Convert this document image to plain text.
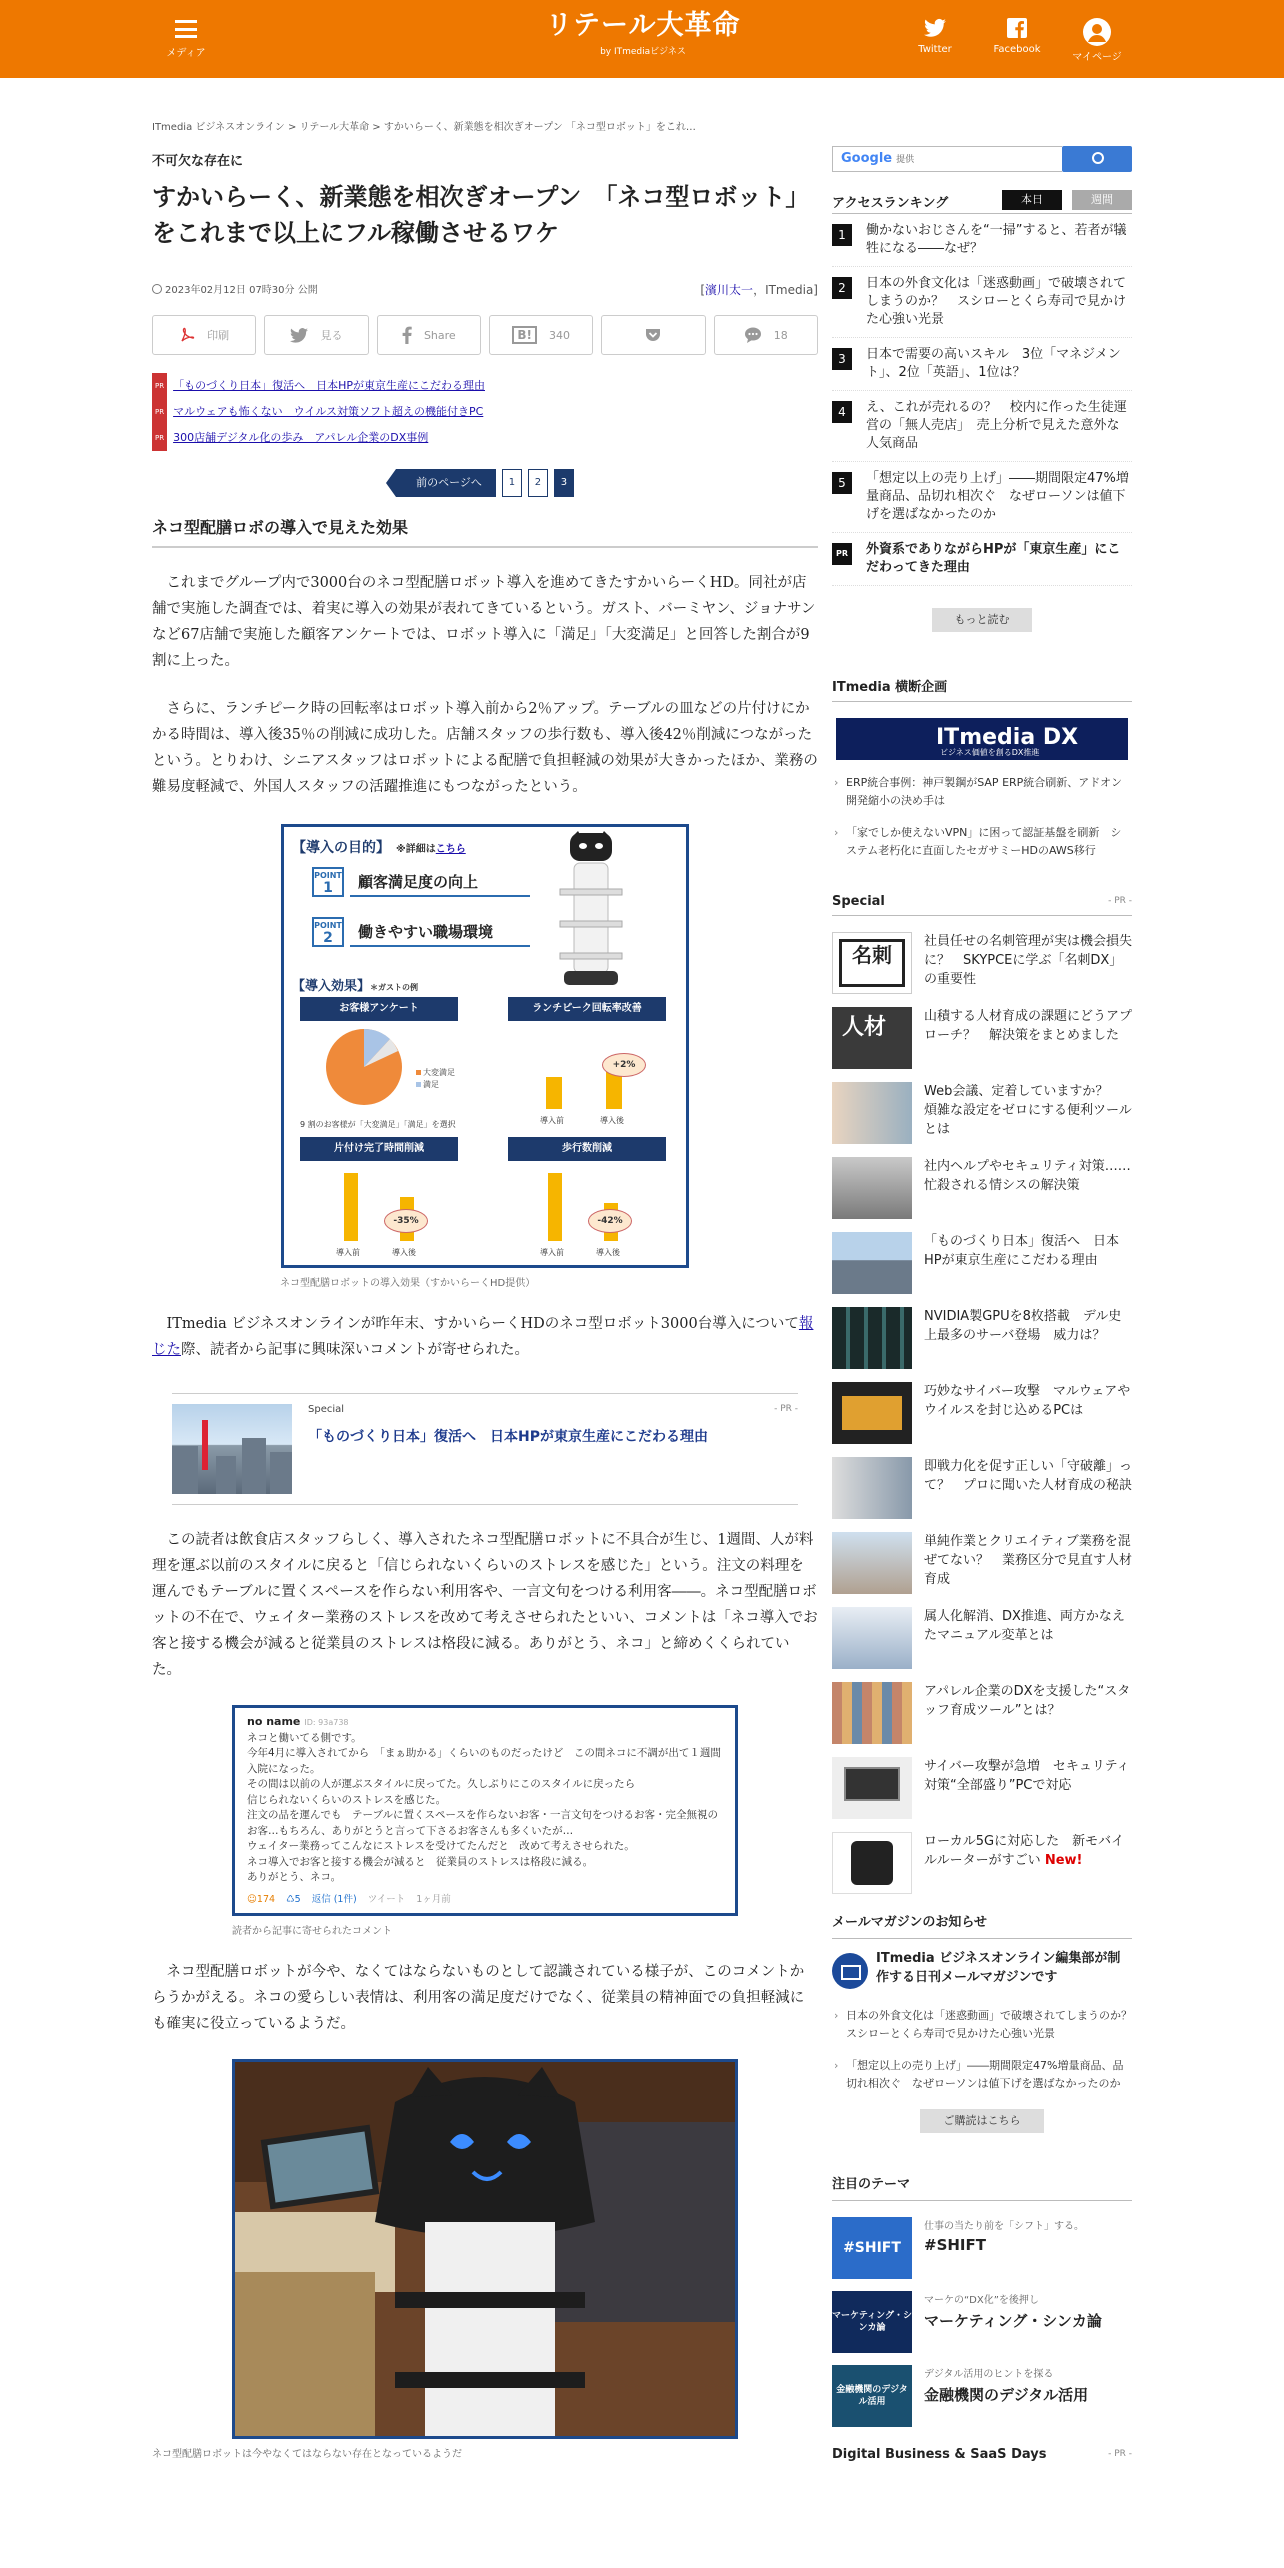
メディア
リテール大革命
by ITmediaビジネス	Twitter	Facebook
マイページ
ITmedia ビジネスオンライン > リテール大革命 > すかいらーく、新業態を相次ぎオープン 「ネコ型ロボット」をこれ…
不可欠な存在に
すかいらーく、新業態を相次ぎオープン　「ネコ型ロボット」をこれまで以上にフル稼働させるワケ
2023年02月12日 07時30分 公開	[濱川太一，ITmedia]
印刷	見る	Share	B!	340	18
PR 「ものづくり日本」復活へ　日本HPが東京生産にこだわる理由
PR マルウェアも怖くない　ウイルス対策ソフト超えの機能付きPC
PR 300店舗デジタル化の歩み　アパレル企業のDX事例
前のページへ	1	2	3
ネコ型配膳ロボの導入で見えた効果

これまでグループ内で3000台のネコ型配膳ロボット導入を進めてきたすかいらーくHD。同社が店舗で実施した調査では、着実に導入の効果が表れてきているという。ガスト、バーミヤン、ジョナサンなど67店舗で実施した顧客アンケートでは、ロボット導入に「満足」「大変満足」と回答した割合が9割に上った。

さらに、ランチピーク時の回転率はロボット導入前から2％アップ。テーブルの皿などの片付けにかかる時間は、導入後35％の削減に成功した。店舗スタッフの歩行数も、導入後42％削減につながったという。とりわけ、シニアスタッフはロボットによる配膳で負担軽減の効果が大きかったほか、業務の難易度軽減で、外国人スタッフの活躍推進にもつながったという。

【導入の目的】 ※詳細はこちら
POINT
1	顧客満足度の向上
POINT
2	働きやすい職場環境
【導入効果】＊ガストの例
お客様アンケート	ランチピーク回転率改善
大変満足
満足
9 割のお客様が「大変満足」「満足」を選択
+2%
導入前	導入後
片付け完了時間削減	歩行数削減
-35%
導入前	導入後
-42%
導入前	導入後
ネコ型配膳ロボットの導入効果（すかいらーくHD提供）

ITmedia ビジネスオンラインが昨年末、すかいらーくHDのネコ型ロボット3000台導入について報じた際、読者から記事に興味深いコメントが寄せられた。

Special	- PR -
「ものづくり日本」復活へ　日本HPが東京生産にこだわる理由

この読者は飲食店スタッフらしく、導入されたネコ型配膳ロボットに不具合が生じ、1週間、人が料理を運ぶ以前のスタイルに戻ると「信じられないくらいのストレスを感じた」という。注文の料理を運んでもテーブルに置くスペースを作らない利用客や、一言文句をつける利用客――。ネコ型配膳ロボットの不在で、ウェイター業務のストレスを改めて考えさせられたといい、コメントは「ネコ導入でお客と接する機会が減ると従業員のストレスは格段に減る。ありがとう、ネコ」と締めくくられていた。

no name ID: 93a738
ネコと働いてる側です。
今年4月に導入されてから　「まぁ助かる」くらいのものだったけど　この間ネコに不調が出て１週間入院になった。
その間は以前の人が運ぶスタイルに戻ってた。久しぶりにこのスタイルに戻ったら
信じられないくらいのストレスを感じた。
注文の品を運んでも　テーブルに置くスペースを作らないお客・一言文句をつけるお客・完全無視のお客…もちろん、ありがとうと言って下さるお客さんも多くいたが…
ウェイター業務ってこんなにストレスを受けてたんだと　改めて考えさせられた。
ネコ導入でお客と接する機会が減ると　従業員のストレスは格段に減る。
ありがとう、ネコ。
☺174 ♺5 返信 (1件) ツイート 1ヶ月前
読者から記事に寄せられたコメント

ネコ型配膳ロボットが今や、なくてはならないものとして認識されている様子が、このコメントからうかがえる。ネコの愛らしい表情は、利用客の満足度だけでなく、従業員の精神面での負担軽減にも確実に役立っているようだ。

ネコ型配膳ロボットは今やなくてはならない存在となっているようだ
Google 提供
アクセスランキング	本日	週間
1	働かないおじさんを“一掃”すると、若者が犠牲になる――なぜ？
2	日本の外食文化は「迷惑動画」で破壊されてしまうのか？　スシローとくら寿司で見かけた心強い光景
3	日本で需要の高いスキル　3位「マネジメント」、2位「英語」、1位は？
4	え、これが売れるの？　校内に作った生徒運営の「無人売店」　売上分析で見えた意外な人気商品
5	「想定以上の売り上げ」――期間限定47%増量商品、品切れ相次ぐ　なぜローソンは値下げを選ばなかったのか
PR	外資系でありながらHPが「東京生産」にこだわってきた理由
もっと読む
ITmedia 横断企画
ITmedia DX
ビジネス価値を創るDX推進
› ERP統合事例：神戸製鋼がSAP ERP統合刷新、アドオン開発縮小の決め手は
› 「家でしか使えないVPN」に困って認証基盤を刷新　システム老朽化に直面したセガサミーHDのAWS移行
Special	- PR -
名刺
社員任せの名刺管理が実は機会損失に？　SKYPCEに学ぶ「名刺DX」の重要性
人材	山積する人材育成の課題にどうアプローチ？　解決策をまとめました
Web会議、定着していますか？　煩雑な設定をゼロにする便利ツールとは
社内ヘルプやセキュリティ対策……忙殺される情シスの解決策
「ものづくり日本」復活へ　日本HPが東京生産にこだわる理由
NVIDIA製GPUを8枚搭載　デル史上最多のサーバ登場　威力は？
巧妙なサイバー攻撃　マルウェアやウイルスを封じ込めるPCは
即戦力化を促す正しい「守破離」って？　プロに聞いた人材育成の秘訣
単純作業とクリエイティブ業務を混ぜてない？　業務区分で見直す人材育成
属人化解消、DX推進、両方かなえたマニュアル変革とは
アパレル企業のDXを支援した“スタッフ育成ツール”とは？
サイバー攻撃が急増　セキュリティ対策“全部盛り”PCで対応
ローカル5Gに対応した　新モバイルルーターがすごい New!
メールマガジンのお知らせ
ITmedia ビジネスオンライン編集部が制作する日刊メールマガジンです
› 日本の外食文化は「迷惑動画」で破壊されてしまうのか？　スシローとくら寿司で見かけた心強い光景
› 「想定以上の売り上げ」――期間限定47%増量商品、品切れ相次ぐ　なぜローソンは値下げを選ばなかったのか
ご購読はこちら
注目のテーマ
#SHIFT
仕事の当たり前を「シフト」する。
#SHIFT
マーケティング・シンカ論
マーケの“DX化”を後押し
マーケティング・シンカ論
金融機関のデジタル活用
デジタル活用のヒントを探る
金融機関のデジタル活用
Digital Business & SaaS Days	- PR -
